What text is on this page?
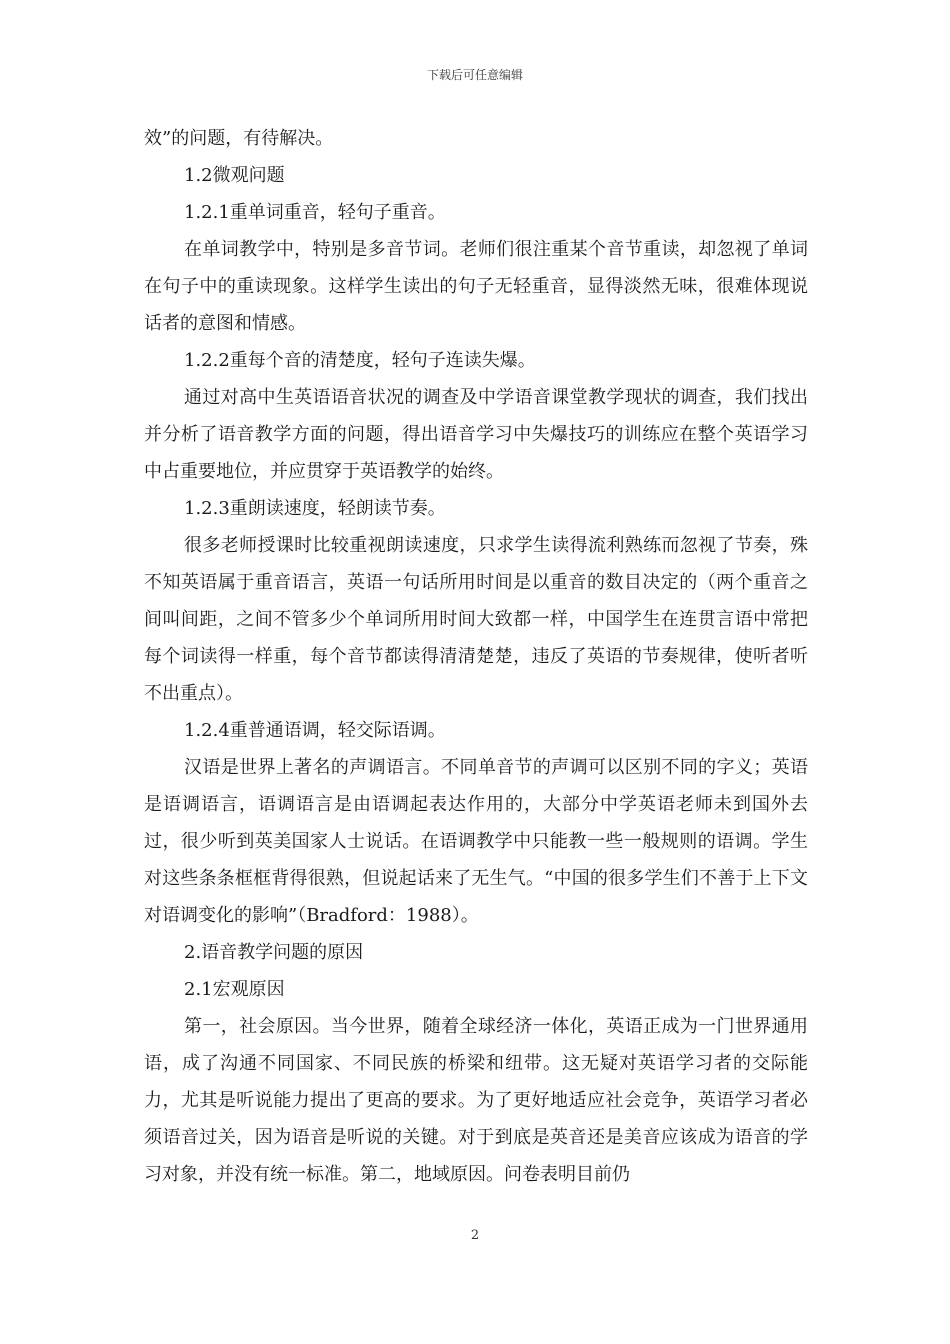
下载后可任意编辑

效”的问题，有待解决。

1.2微观问题

1.2.1重单词重音，轻句子重音。

在单词教学中，特别是多音节词。老师们很注重某个音节重读，却忽视了单词在句子中的重读现象。这样学生读出的句子无轻重音，显得淡然无味，很难体现说话者的意图和情感。

1.2.2重每个音的清楚度，轻句子连读失爆。

通过对高中生英语语音状况的调查及中学语音课堂教学现状的调查，我们找出并分析了语音教学方面的问题，得出语音学习中失爆技巧的训练应在整个英语学习中占重要地位，并应贯穿于英语教学的始终。

1.2.3重朗读速度，轻朗读节奏。

很多老师授课时比较重视朗读速度，只求学生读得流利熟练而忽视了节奏，殊不知英语属于重音语言，英语一句话所用时间是以重音的数目决定的（两个重音之间叫间距，之间不管多少个单词所用时间大致都一样，中国学生在连贯言语中常把每个词读得一样重，每个音节都读得清清楚楚，违反了英语的节奏规律，使听者听不出重点）。

1.2.4重普通语调，轻交际语调。

汉语是世界上著名的声调语言。不同单音节的声调可以区别不同的字义；英语是语调语言，语调语言是由语调起表达作用的，大部分中学英语老师未到国外去过，很少听到英美国家人士说话。在语调教学中只能教一些一般规则的语调。学生对这些条条框框背得很熟，但说起话来了无生气。“中国的很多学生们不善于上下文对语调变化的影响”（Bradford：1988）。

2.语音教学问题的原因

2.1宏观原因

第一，社会原因。当今世界，随着全球经济一体化，英语正成为一门世界通用语，成了沟通不同国家、不同民族的桥梁和纽带。这无疑对英语学习者的交际能力，尤其是听说能力提出了更高的要求。为了更好地适应社会竞争，英语学习者必须语音过关，因为语音是听说的关键。对于到底是英音还是美音应该成为语音的学习对象，并没有统一标准。第二，地域原因。问卷表明目前仍

2
